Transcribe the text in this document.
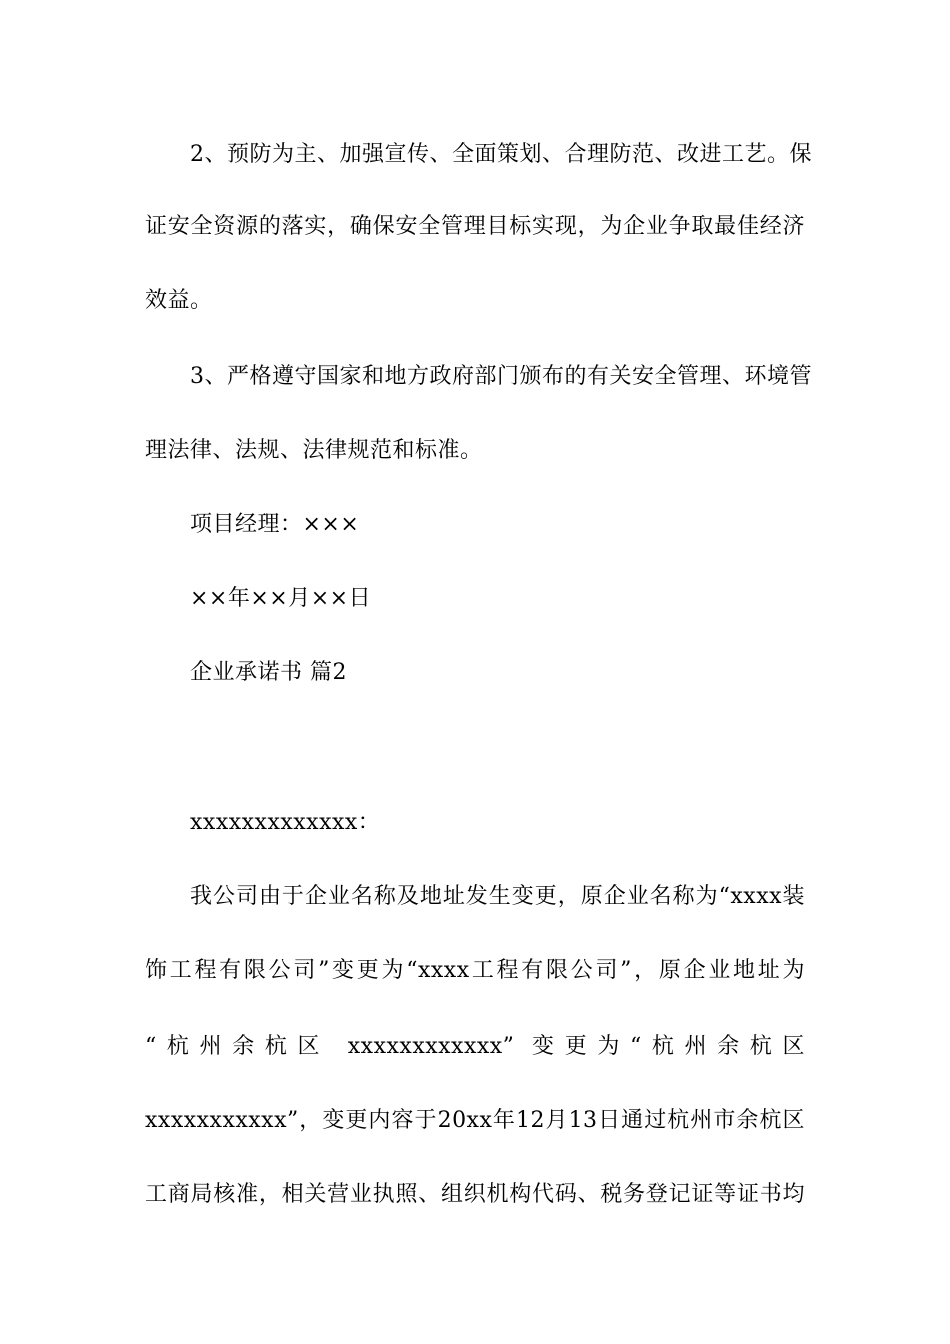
2、预防为主、加强宣传、全面策划、合理防范、改进工艺。保
证安全资源的落实，确保安全管理目标实现，为企业争取最佳经济
效益。
3、严格遵守国家和地方政府部门颁布的有关安全管理、环境管
理法律、法规、法律规范和标准。
项目经理：×××
××年××月××日
企业承诺书 篇2
xxxxxxxxxxxxx：
我公司由于企业名称及地址发生变更，原企业名称为“xxxx装
饰工程有限公司”变更为“xxxx工程有限公司”，原企业地址为
“杭州余杭区 xxxxxxxxxxxx” 变更为“杭州余杭区
xxxxxxxxxxx”，变更内容于20xx年12月13日通过杭州市余杭区
工商局核准，相关营业执照、组织机构代码、税务登记证等证书均
